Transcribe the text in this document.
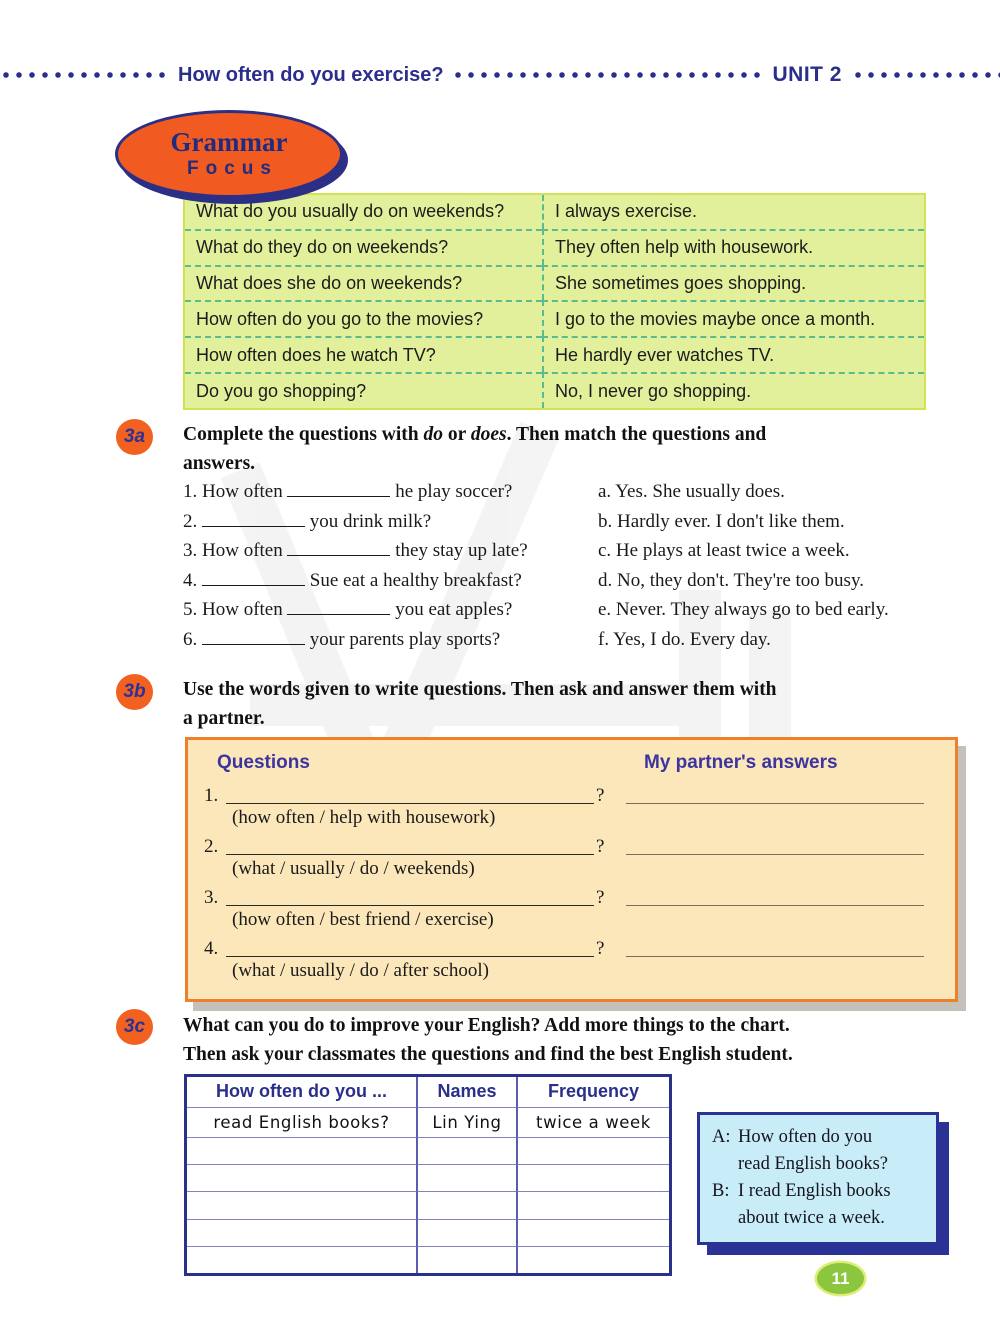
How often do you exercise?	UNIT 2
Grammar
Focus
What do you usually do on weekends?	I always exercise.
What do they do on weekends?	They often help with housework.
What does she do on weekends?	She sometimes goes shopping.
How often do you go to the movies?	I go to the movies maybe once a month.
How often does he watch TV?	He hardly ever watches TV.
Do you go shopping?	No, I never go shopping.
3a	Complete the questions with do or does. Then match the questions and
answers.
1. How often	he play soccer?	a. Yes. She usually does.
2.	you drink milk?	b. Hardly ever. I don't like them.
3. How often	they stay up late?	c. He plays at least twice a week.
4.	Sue eat a healthy breakfast?	d. No, they don't. They're too busy.
5. How often	you eat apples?	e. Never. They always go to bed early.
6.	your parents play sports?	f. Yes, I do. Every day.
3b	Use the words given to write questions. Then ask and answer them with
a partner.
Questions	My partner's answers
1.	?
(how often / help with housework)
2.	?
(what / usually / do / weekends)
3.	?
(how often / best friend / exercise)
4.	?
(what / usually / do / after school)
3c	What can you do to improve your English? Add more things to the chart.
Then ask your classmates the questions and find the best English student.
How often do you ...	Names	Frequency
read English books?	Lin Ying	twice a week
A: How often do you
read English books?
B: I read English books
about twice a week.
11
